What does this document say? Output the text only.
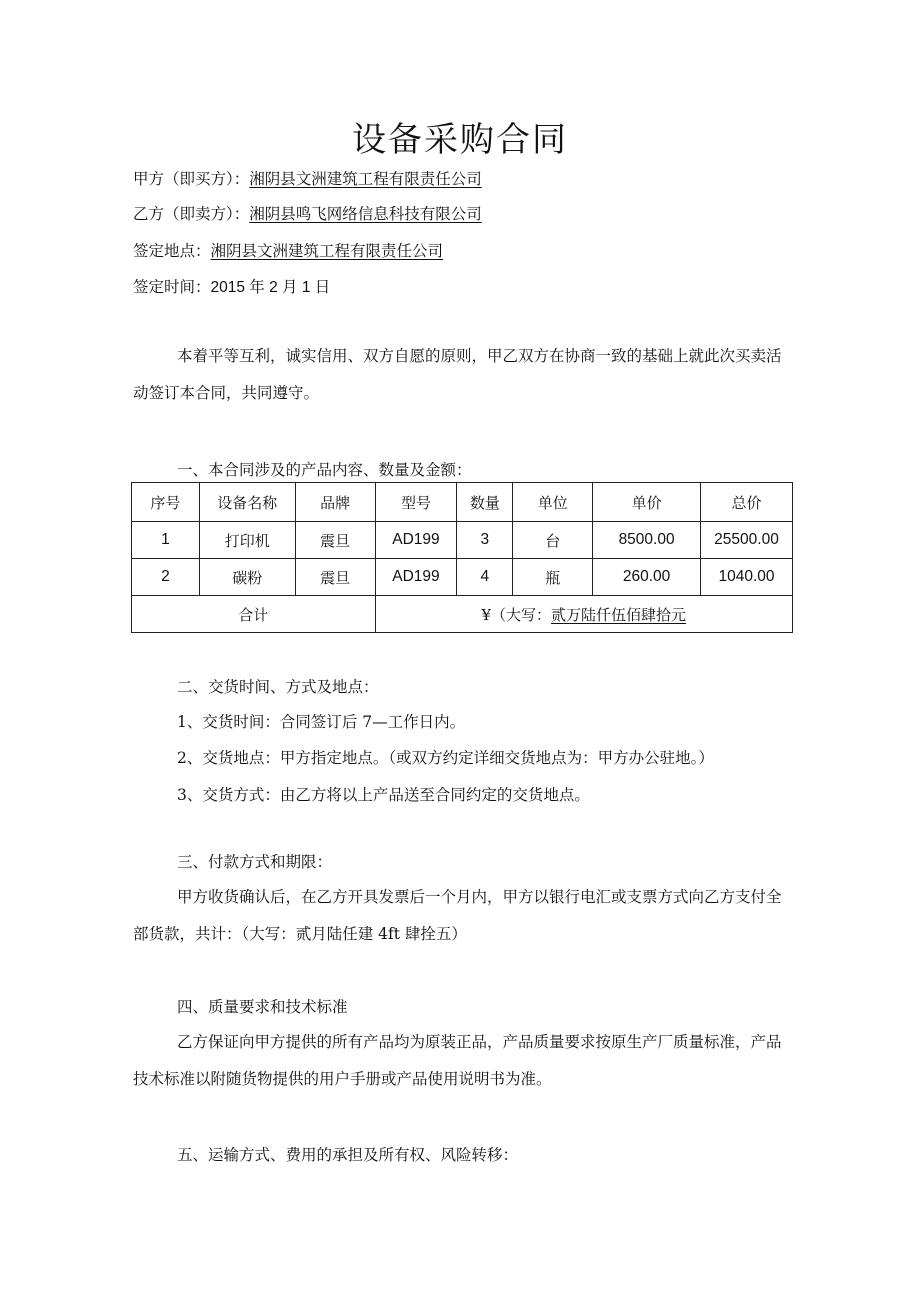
设备采购合同
甲方（即买方）：湘阴县文洲建筑工程有限责任公司
乙方（即卖方）：湘阴县鸣飞网络信息科技有限公司
签定地点：湘阴县文洲建筑工程有限责任公司
签定时间：2015 年 2 月 1 日
本着平等互利，诚实信用、双方自愿的原则，甲乙双方在协商一致的基础上就此次买卖活动签订本合同，共同遵守。
一、本合同涉及的产品内容、数量及金额：
序号	设备名称	品牌	型号	数量	单位	单价	总价
1	打印机	震旦	AD199	3	台	8500.00	25500.00
2	碳粉	震旦	AD199	4	瓶	260.00	1040.00
合计			¥（大写：贰万陆仟伍佰肆拾元				
二、交货时间、方式及地点：
1、交货时间：合同签订后 7—工作日内。
2、交货地点：甲方指定地点。（或双方约定详细交货地点为：甲方办公驻地。）
3、交货方式：由乙方将以上产品送至合同约定的交货地点。
三、付款方式和期限：
甲方收货确认后，在乙方开具发票后一个月内，甲方以银行电汇或支票方式向乙方支付全部货款，共计：（大写：贰月陆任建 4ft 肆拴五）
四、质量要求和技术标准
乙方保证向甲方提供的所有产品均为原装正品，产品质量要求按原生产厂质量标准，产品技术标准以附随货物提供的用户手册或产品使用说明书为准。
五、运输方式、费用的承担及所有权、风险转移：
